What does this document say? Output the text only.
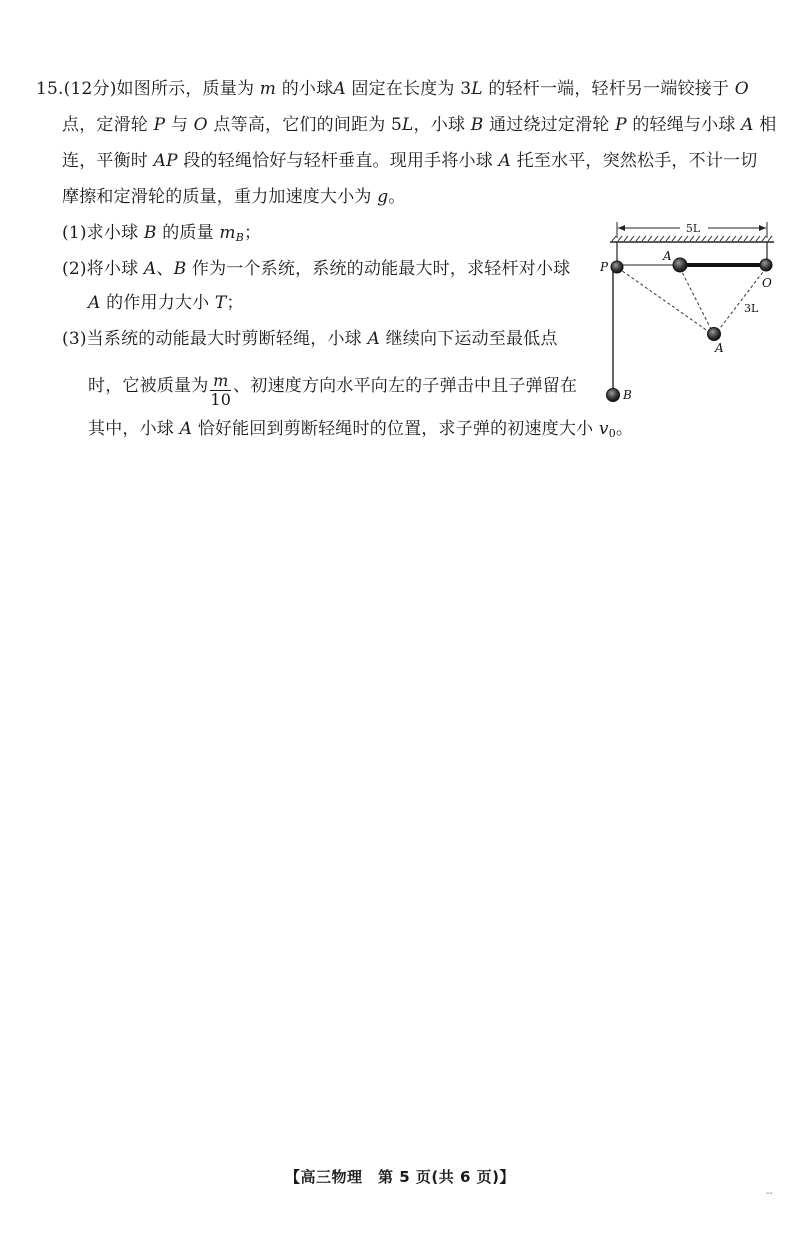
15.(12分)如图所示，质量为 m 的小球A 固定在长度为 3L 的轻杆一端，轻杆另一端铰接于 O
点，定滑轮 P 与 O 点等高，它们的间距为 5L，小球 B 通过绕过定滑轮 P 的轻绳与小球 A 相
连，平衡时 AP 段的轻绳恰好与轻杆垂直。现用手将小球 A 托至水平，突然松手，不计一切
摩擦和定滑轮的质量，重力加速度大小为 g。
(1)求小球 B 的质量 $m_B$；
(2)将小球 A、B 作为一个系统，系统的动能最大时，求轻杆对小球
A 的作用力大小 T；
(3)当系统的动能最大时剪断轻绳，小球 A 继续向下运动至最低点
时，它被质量为 $\frac{m}{10}$ 、初速度方向水平向左的子弹击中且子弹留在
其中，小球 A 恰好能回到剪断轻绳时的位置，求子弹的初速度大小 $v_0$。
5L
P
A
O
3L
A
B
【高三物理　第 5 页(共 6 页)】
--
